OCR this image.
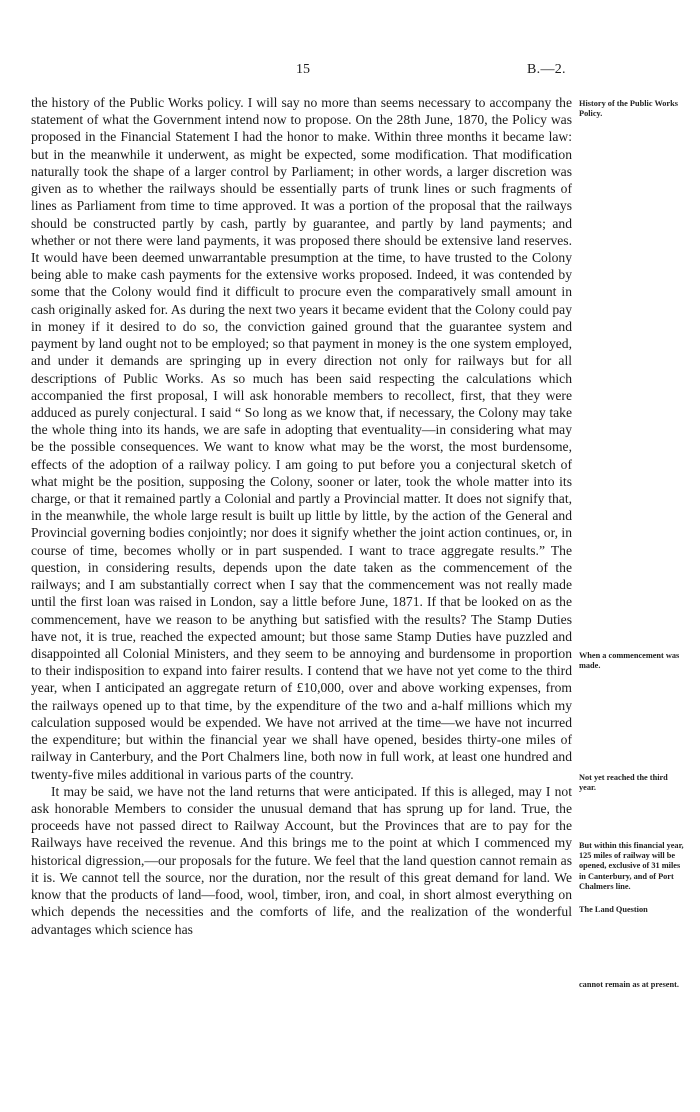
15	B.—2.

the history of the Public Works policy. I will say no more than seems necessary to accompany the statement of what the Government intend now to propose. On the 28th June, 1870, the Policy was proposed in the Financial Statement I had the honor to make. Within three months it became law: but in the meanwhile it underwent, as might be expected, some modification. That modification naturally took the shape of a larger control by Parliament; in other words, a larger discretion was given as to whether the railways should be essentially parts of trunk lines or such fragments of lines as Parliament from time to time approved. It was a portion of the proposal that the railways should be constructed partly by cash, partly by guarantee, and partly by land payments; and whether or not there were land payments, it was proposed there should be extensive land reserves. It would have been deemed unwarrantable presumption at the time, to have trusted to the Colony being able to make cash payments for the extensive works proposed. Indeed, it was contended by some that the Colony would find it difficult to procure even the comparatively small amount in cash originally asked for. As during the next two years it became evident that the Colony could pay in money if it desired to do so, the conviction gained ground that the guarantee system and payment by land ought not to be employed; so that payment in money is the one system employed, and under it demands are springing up in every direction not only for railways but for all descriptions of Public Works. As so much has been said respecting the calculations which accompanied the first proposal, I will ask honorable members to recollect, first, that they were adduced as purely conjectural. I said “ So long as we know that, if necessary, the Colony may take the whole thing into its hands, we are safe in adopting that eventuality—in considering what may be the possible consequences. We want to know what may be the worst, the most burdensome, effects of the adoption of a railway policy. I am going to put before you a conjectural sketch of what might be the position, supposing the Colony, sooner or later, took the whole matter into its charge, or that it remained partly a Colonial and partly a Provincial matter. It does not signify that, in the meanwhile, the whole large result is built up little by little, by the action of the General and Provincial governing bodies conjointly; nor does it signify whether the joint action continues, or, in course of time, becomes wholly or in part suspended. I want to trace aggregate results.” The question, in considering results, depends upon the date taken as the commencement of the railways; and I am substantially correct when I say that the commencement was not really made until the first loan was raised in London, say a little before June, 1871. If that be looked on as the commencement, have we reason to be anything but satisfied with the results? The Stamp Duties have not, it is true, reached the expected amount; but those same Stamp Duties have puzzled and disappointed all Colonial Ministers, and they seem to be annoying and burdensome in proportion to their indisposition to expand into fairer results. I contend that we have not yet come to the third year, when I anticipated an aggregate return of £10,000, over and above working expenses, from the railways opened up to that time, by the expenditure of the two and a-half millions which my calculation supposed would be expended. We have not arrived at the time—we have not incurred the expenditure; but within the financial year we shall have opened, besides thirty-one miles of railway in Canterbury, and the Port Chalmers line, both now in full work, at least one hundred and twenty-five miles additional in various parts of the country.

It may be said, we have not the land returns that were anticipated. If this is alleged, may I not ask honorable Members to consider the unusual demand that has sprung up for land. True, the proceeds have not passed direct to Railway Account, but the Provinces that are to pay for the Railways have received the revenue. And this brings me to the point at which I commenced my historical digression,—our proposals for the future. We feel that the land question cannot remain as it is. We cannot tell the source, nor the duration, nor the result of this great demand for land. We know that the products of land—food, wool, timber, iron, and coal, in short almost everything on which depends the necessities and the comforts of life, and the realization of the wonderful advantages which science has

History of the Public Works Policy.
When a commencement was made.
Not yet reached the third year.
But within this financial year, 125 miles of railway will be opened, exclusive of 31 miles in Canterbury, and of Port Chalmers line.
The Land Question
cannot remain as at present.
